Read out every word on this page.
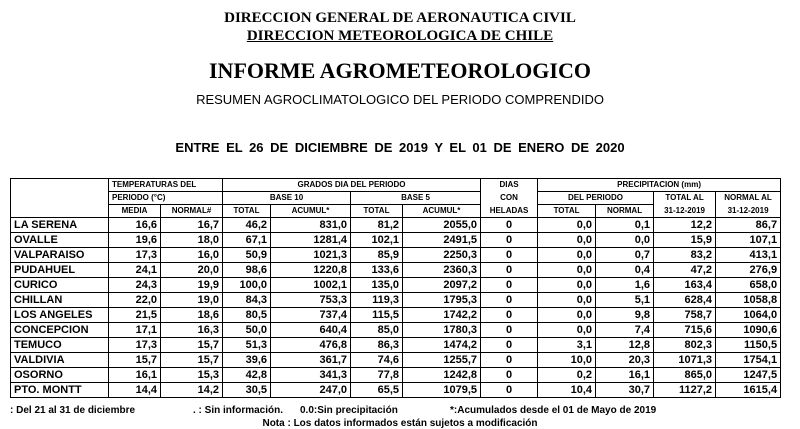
DIRECCION GENERAL DE AERONAUTICA CIVIL
DIRECCION METEOROLOGICA DE CHILE
INFORME AGROMETEOROLOGICO
RESUMEN AGROCLIMATOLOGICO DEL PERIODO COMPRENDIDO
ENTRE EL 26 DE DICIEMBRE DE 2019 Y EL 01 DE ENERO DE 2020
	TEMPERATURAS DEL		GRADOS DIA DEL PERIODO				DIAS	PRECIPITACION (mm)			
	PERIODO (°C)		BASE 10		BASE 5		CON	DEL PERIODO		TOTAL AL	NORMAL AL
	MEDIA	NORMAL#	TOTAL	ACUMUL*	TOTAL	ACUMUL*	HELADAS	TOTAL	NORMAL	31-12-2019	31-12-2019
LA SERENA	16,6	16,7	46,2	831,0	81,2	2055,0	0	0,0	0,1	12,2	86,7
OVALLE	19,6	18,0	67,1	1281,4	102,1	2491,5	0	0,0	0,0	15,9	107,1
VALPARAISO	17,3	16,0	50,9	1021,3	85,9	2250,3	0	0,0	0,7	83,2	413,1
PUDAHUEL	24,1	20,0	98,6	1220,8	133,6	2360,3	0	0,0	0,4	47,2	276,9
CURICO	24,3	19,9	100,0	1002,1	135,0	2097,2	0	0,0	1,6	163,4	658,0
CHILLAN	22,0	19,0	84,3	753,3	119,3	1795,3	0	0,0	5,1	628,4	1058,8
LOS ANGELES	21,5	18,6	80,5	737,4	115,5	1742,2	0	0,0	9,8	758,7	1064,0
CONCEPCION	17,1	16,3	50,0	640,4	85,0	1780,3	0	0,0	7,4	715,6	1090,6
TEMUCO	17,3	15,7	51,3	476,8	86,3	1474,2	0	3,1	12,8	802,3	1150,5
VALDIVIA	15,7	15,7	39,6	361,7	74,6	1255,7	0	10,0	20,3	1071,3	1754,1
OSORNO	16,1	15,3	42,8	341,3	77,8	1242,8	0	0,2	16,1	865,0	1247,5
PTO. MONTT	14,4	14,2	30,5	247,0	65,5	1079,5	0	10,4	30,7	1127,2	1615,4
: Del 21 al 31 de diciembre	. : Sin información. 0.0:Sin precipitación	*:Acumulados desde el 01 de Mayo de 2019
Nota : Los datos informados están sujetos a modificación
